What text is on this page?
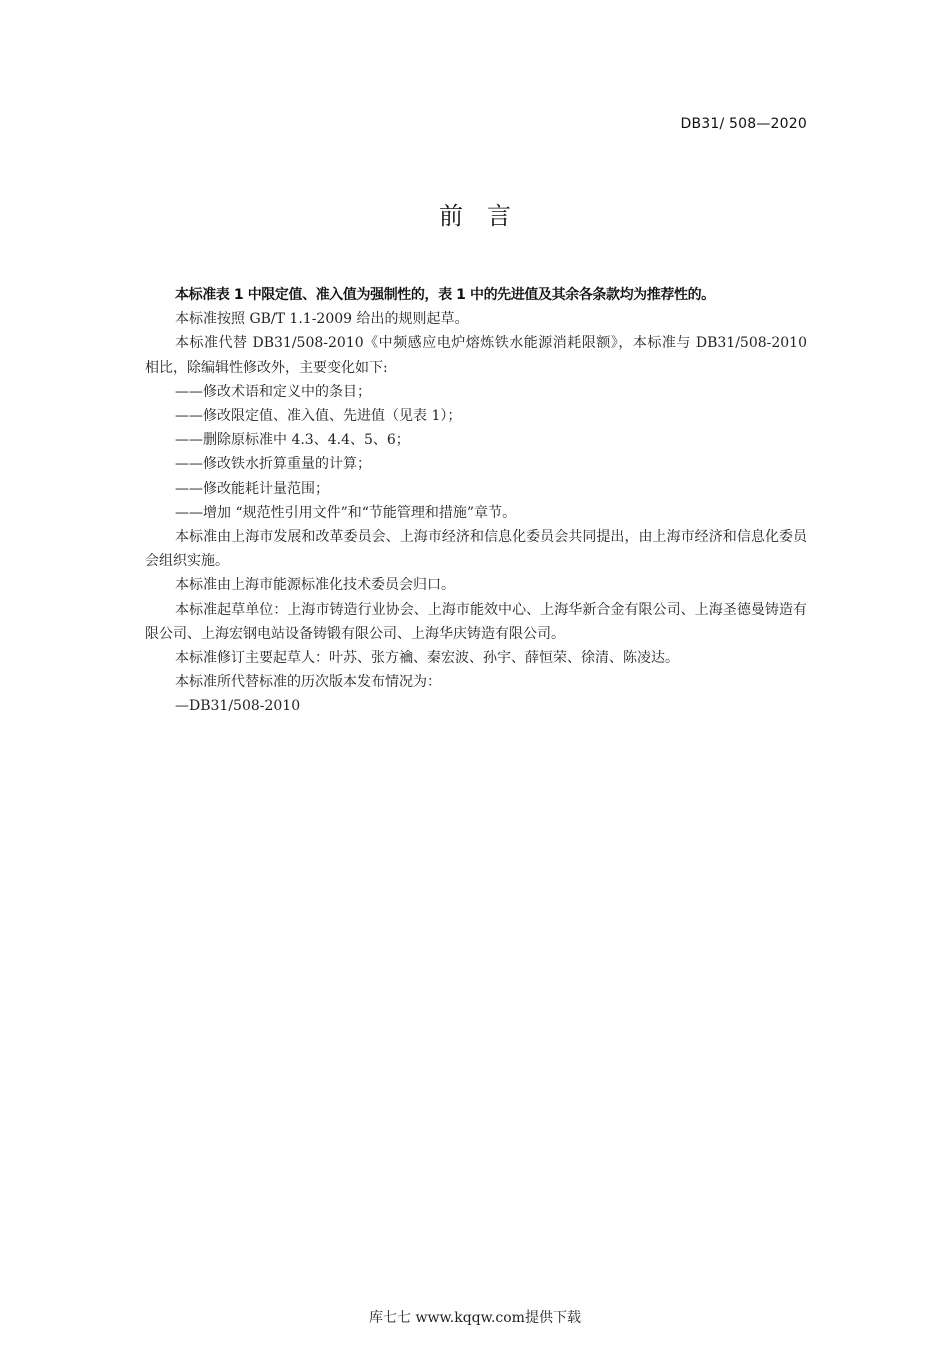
DB31/ 508—2020
前　言

本标准表 1 中限定值、准入值为强制性的，表 1 中的先进值及其余各条款均为推荐性的。

本标准按照 GB/T 1.1-2009 给出的规则起草。

本标准代替 DB31/508-2010《中频感应电炉熔炼铁水能源消耗限额》，本标准与 DB31/508-2010 相比，除编辑性修改外，主要变化如下:

——修改术语和定义中的条目；

——修改限定值、准入值、先进值（见表 1）；

——删除原标准中 4.3、4.4、5、6；

——修改铁水折算重量的计算；

——修改能耗计量范围；

——增加 “规范性引用文件”和“节能管理和措施”章节。

本标准由上海市发展和改革委员会、上海市经济和信息化委员会共同提出，由上海市经济和信息化委员会组织实施。

本标准由上海市能源标准化技术委员会归口。

本标准起草单位：上海市铸造行业协会、上海市能效中心、上海华新合金有限公司、上海圣德曼铸造有限公司、上海宏钢电站设备铸锻有限公司、上海华庆铸造有限公司。

本标准修订主要起草人：叶苏、张方禴、秦宏波、孙宇、薛恒荣、徐清、陈凌达。

本标准所代替标准的历次版本发布情况为：

—DB31/508-2010

库七七 www.kqqw.com提供下载
